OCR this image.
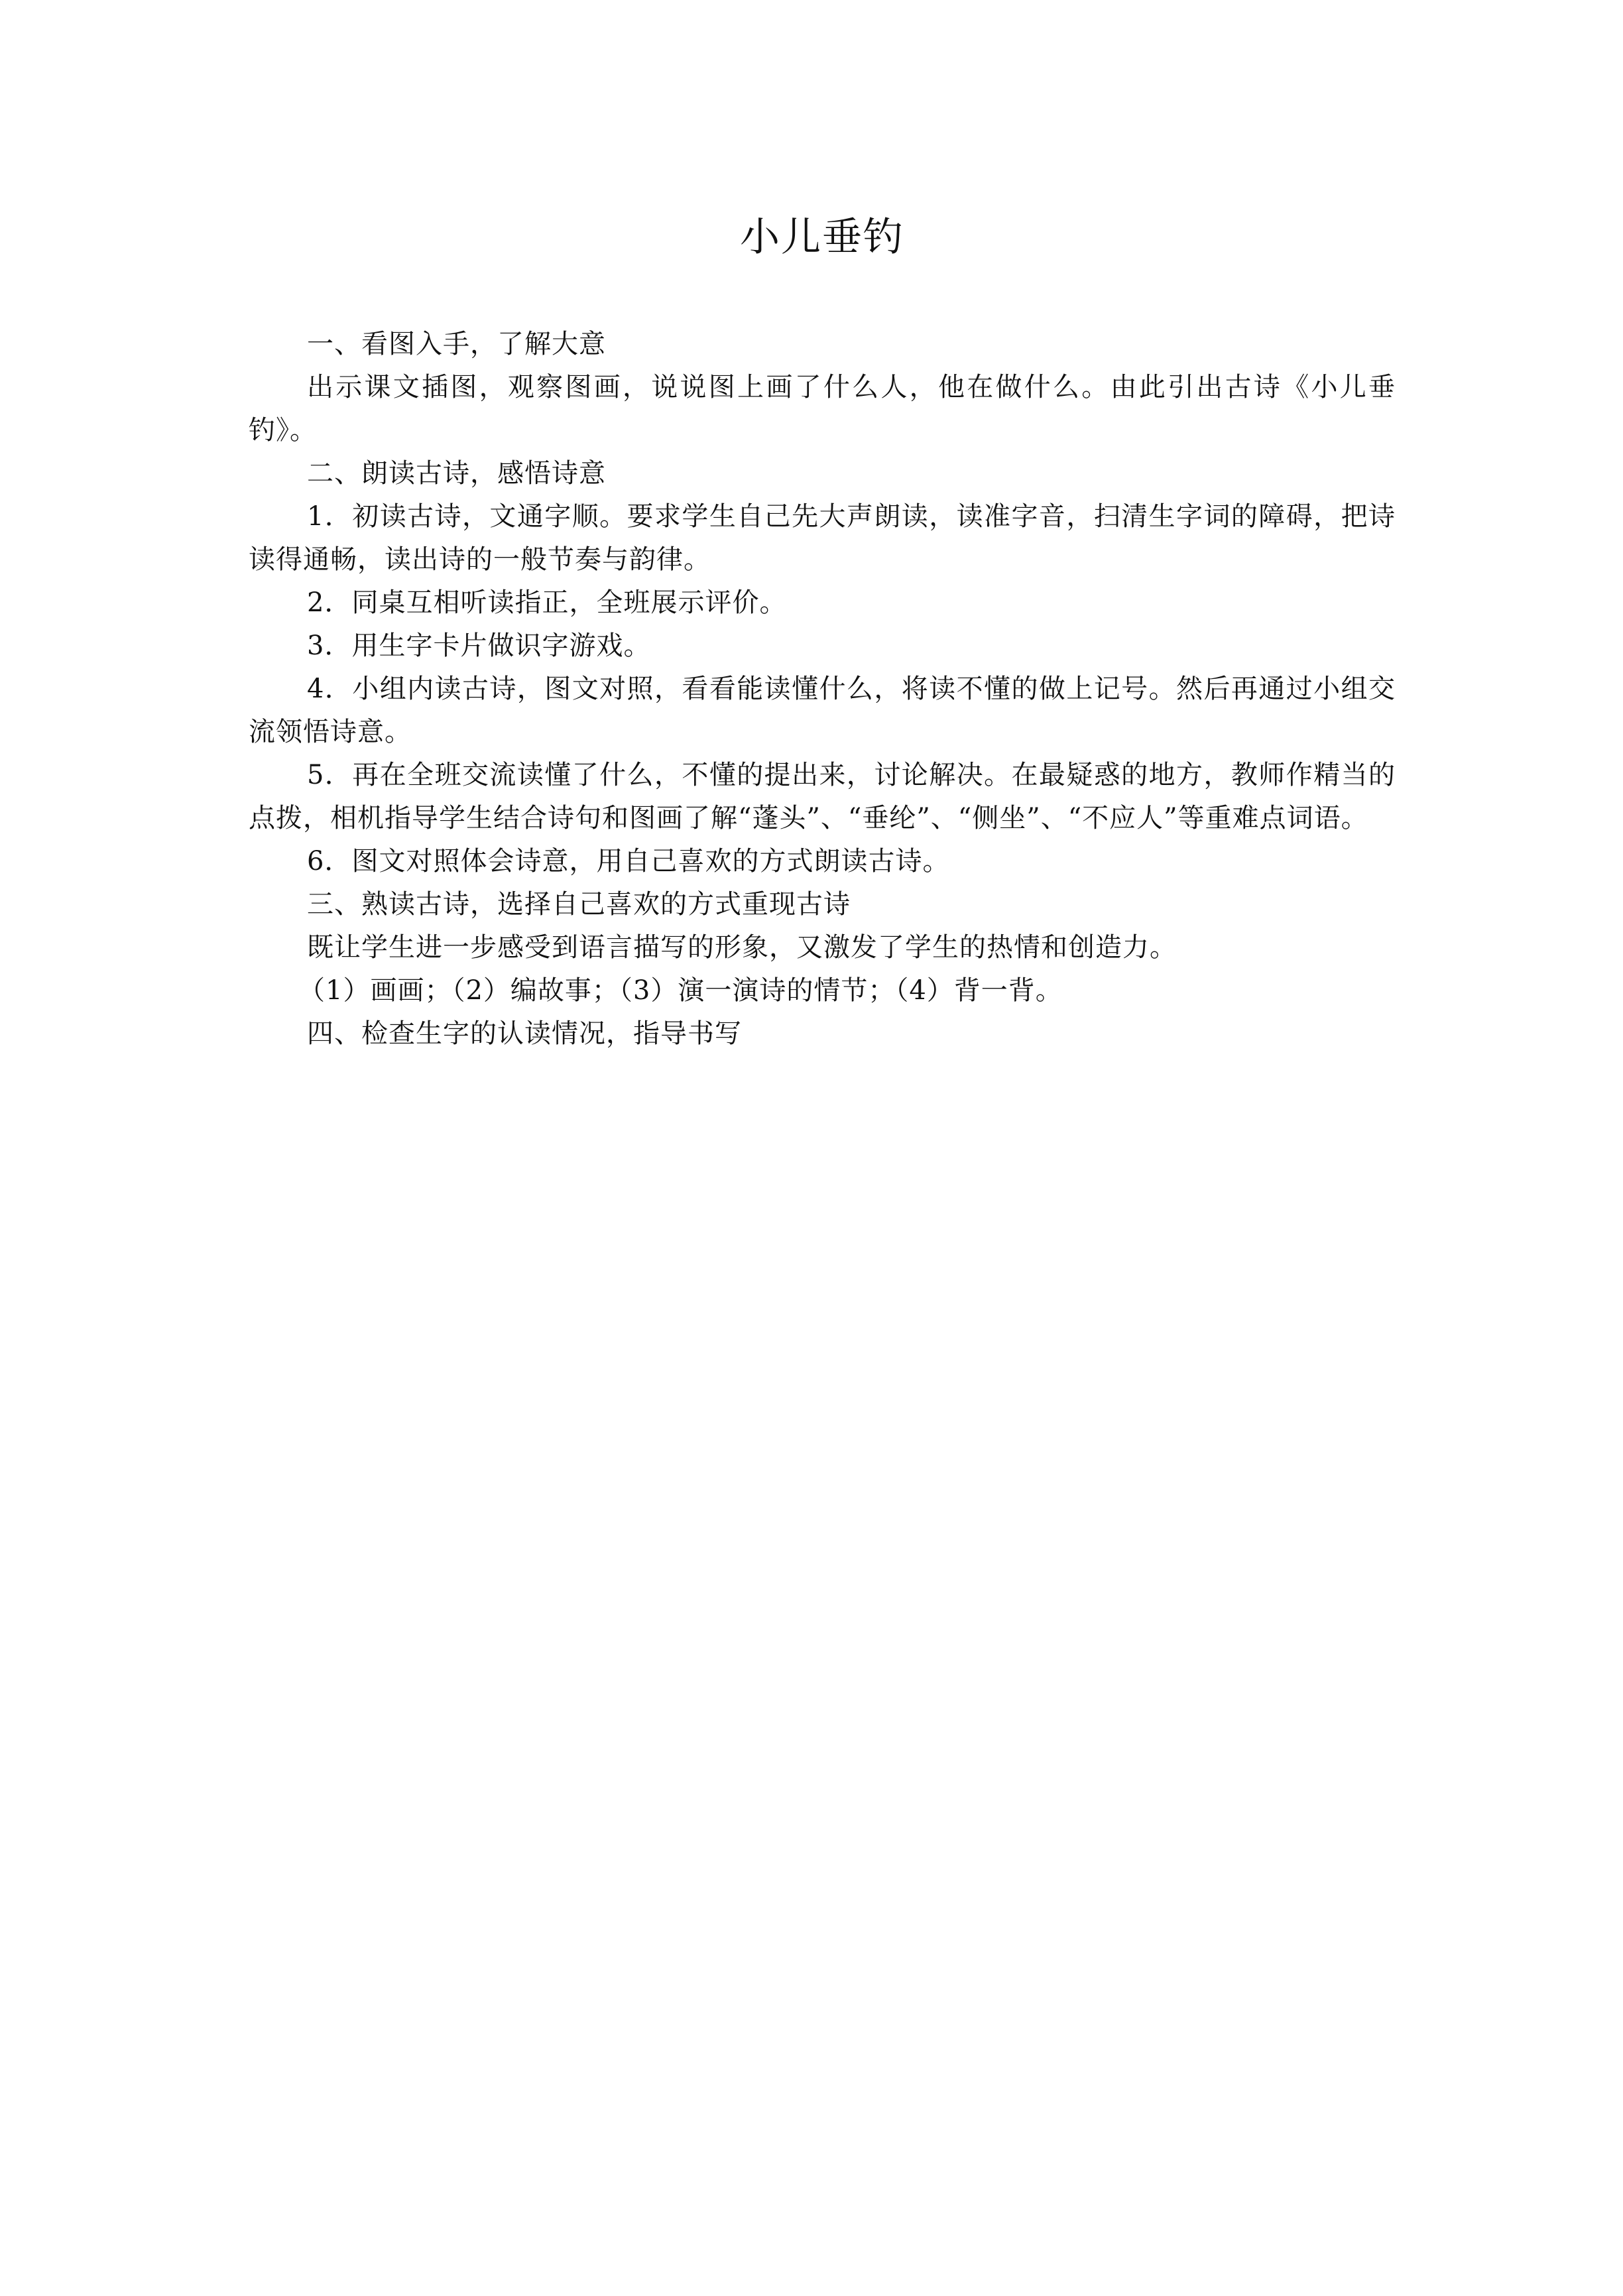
小儿垂钓

一、看图入手，了解大意

出示课文插图，观察图画，说说图上画了什么人，他在做什么。由此引出古诗《小儿垂钓》。

二、朗读古诗，感悟诗意

1．初读古诗，文通字顺。要求学生自己先大声朗读，读准字音，扫清生字词的障碍，把诗读得通畅，读出诗的一般节奏与韵律。

2．同桌互相听读指正，全班展示评价。

3．用生字卡片做识字游戏。

4．小组内读古诗，图文对照，看看能读懂什么，将读不懂的做上记号。然后再通过小组交流领悟诗意。

5．再在全班交流读懂了什么，不懂的提出来，讨论解决。在最疑惑的地方，教师作精当的点拨，相机指导学生结合诗句和图画了解“蓬头”、“垂纶”、“侧坐”、“不应人”等重难点词语。

6．图文对照体会诗意，用自己喜欢的方式朗读古诗。

三、熟读古诗，选择自己喜欢的方式重现古诗

既让学生进一步感受到语言描写的形象，又激发了学生的热情和创造力。

（1）画画；（2）编故事；（3）演一演诗的情节；（4）背一背。

四、检查生字的认读情况，指导书写
